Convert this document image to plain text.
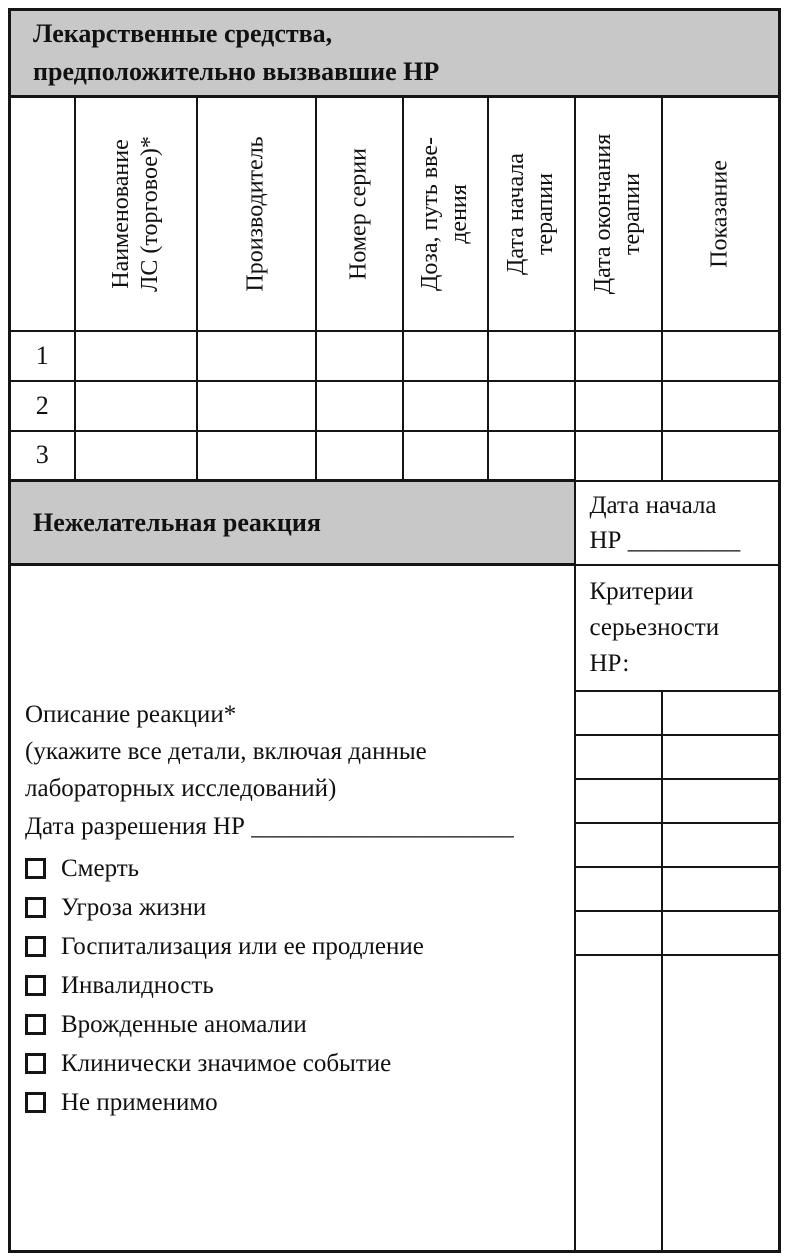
Лекарственные средства,
предположительно вызвавшие НР							

	Наименование ЛС (торговое)*	Производитель	Номер серии	Доза, путь вве- дения	Дата начала терапии	Дата окончания терапии	Показание

1							
2							
3							
Нежелательная реакция						Дата начала
НР _________	

Описание реакции*
(укажите все детали, включая данные
лабораторных исследований)
Дата разрешения НР _____________________
Смерть
Угроза жизни
Госпитализация или ее продление
Инвалидность
Врожденные аномалии
Клинически значимое событие
Не применимо

Критерии
серьезности
НР:
